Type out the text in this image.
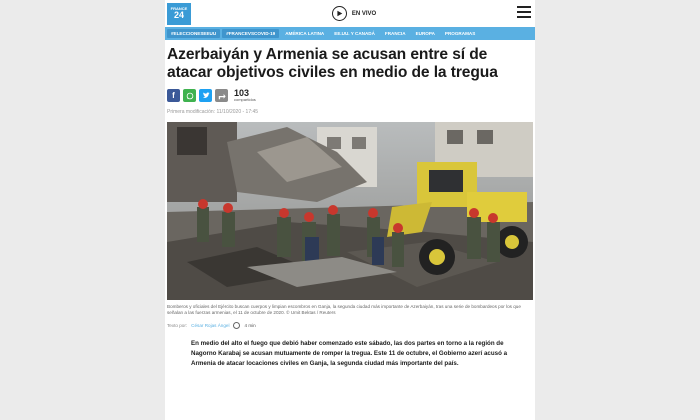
FRANCE
24	EN VIVO
#ELECCIONESEEUU	#FRANCEVSCOVID-19	AMÉRICA LATINA	EE.UU. Y CANADÁ	FRANCIA	EUROPA	PROGRAMAS
Azerbaiyán y Armenia se acusan entre sí de atacar objetivos civiles en medio de la tregua
f	103
compartidos
Primera modificación: 11/10/2020 - 17:45

Bomberos y oficiales del Ejército buscan cuerpos y limpian escombros en Ganja, la segunda ciudad más importante de Azerbaiyán, tras una serie de bombardeos por los que señalan a las fuerzas armenias, el 11 de octubre de 2020. © Umit Bektas / Reuters

Texto por: César Rojas Ángel	4 min

En medio del alto el fuego que debió haber comenzado este sábado, las dos partes en torno a la región de Nagorno Karabaj se acusan mutuamente de romper la tregua. Este 11 de octubre, el Gobierno azerí acusó a Armenia de atacar locaciones civiles en Ganja, la segunda ciudad más importante del país.
